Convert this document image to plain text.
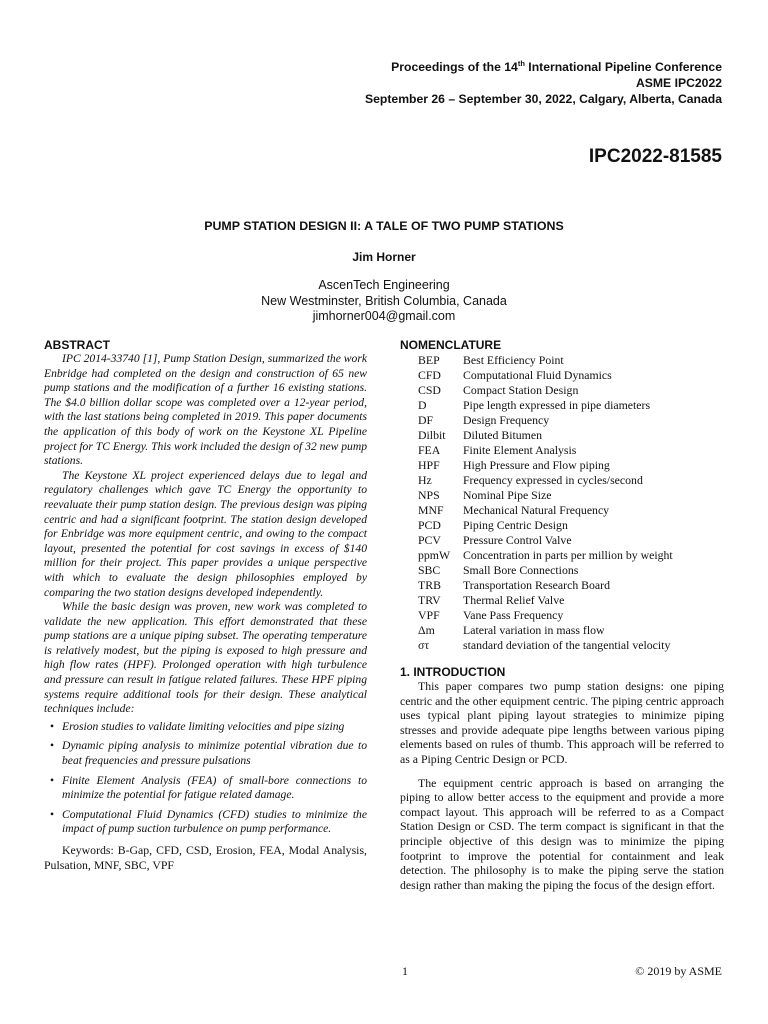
Proceedings of the 14th International Pipeline Conference
ASME IPC2022
September 26 – September 30, 2022, Calgary, Alberta, Canada
IPC2022-81585
PUMP STATION DESIGN II: A TALE OF TWO PUMP STATIONS
Jim Horner
AscenTech Engineering
New Westminster, British Columbia, Canada
jimhorner004@gmail.com

ABSTRACT

IPC 2014-33740 [1], Pump Station Design, summarized the work Enbridge had completed on the design and construction of 65 new pump stations and the modification of a further 16 existing stations. The $4.0 billion dollar scope was completed over a 12-year period, with the last stations being completed in 2019. This paper documents the application of this body of work on the Keystone XL Pipeline project for TC Energy. This work included the design of 32 new pump stations.

The Keystone XL project experienced delays due to legal and regulatory challenges which gave TC Energy the opportunity to reevaluate their pump station design. The previous design was piping centric and had a significant footprint. The station design developed for Enbridge was more equipment centric, and owing to the compact layout, presented the potential for cost savings in excess of $140 million for their project. This paper provides a unique perspective with which to evaluate the design philosophies employed by comparing the two station designs developed independently.

While the basic design was proven, new work was completed to validate the new application. This effort demonstrated that these pump stations are a unique piping subset. The operating temperature is relatively modest, but the piping is exposed to high pressure and high flow rates (HPF). Prolonged operation with high turbulence and pressure can result in fatigue related failures. These HPF piping systems require additional tools for their design. These analytical techniques include:

• Erosion studies to validate limiting velocities and pipe sizing
• Dynamic piping analysis to minimize potential vibration due to beat frequencies and pressure pulsations
• Finite Element Analysis (FEA) of small-bore connections to minimize the potential for fatigue related damage.
• Computational Fluid Dynamics (CFD) studies to minimize the impact of pump suction turbulence on pump performance.

Keywords: B-Gap, CFD, CSD, Erosion, FEA, Modal Analysis, Pulsation, MNF, SBC, VPF

NOMENCLATURE

BEP	Best Efficiency Point
CFD	Computational Fluid Dynamics
CSD	Compact Station Design
D	Pipe length expressed in pipe diameters
DF	Design Frequency
Dilbit	Diluted Bitumen
FEA	Finite Element Analysis
HPF	High Pressure and Flow piping
Hz	Frequency expressed in cycles/second
NPS	Nominal Pipe Size
MNF	Mechanical Natural Frequency
PCD	Piping Centric Design
PCV	Pressure Control Valve
ppmW	Concentration in parts per million by weight
SBC	Small Bore Connections
TRB	Transportation Research Board
TRV	Thermal Relief Valve
VPF	Vane Pass Frequency
Δm	Lateral variation in mass flow
στ	standard deviation of the tangential velocity

1. INTRODUCTION

This paper compares two pump station designs: one piping centric and the other equipment centric. The piping centric approach uses typical plant piping layout strategies to minimize piping stresses and provide adequate pipe lengths between various piping elements based on rules of thumb. This approach will be referred to as a Piping Centric Design or PCD.

The equipment centric approach is based on arranging the piping to allow better access to the equipment and provide a more compact layout. This approach will be referred to as a Compact Station Design or CSD. The term compact is significant in that the principle objective of this design was to minimize the piping footprint to improve the potential for containment and leak detection. The philosophy is to make the piping serve the station design rather than making the piping the focus of the design effort.

1	© 2019 by ASME
